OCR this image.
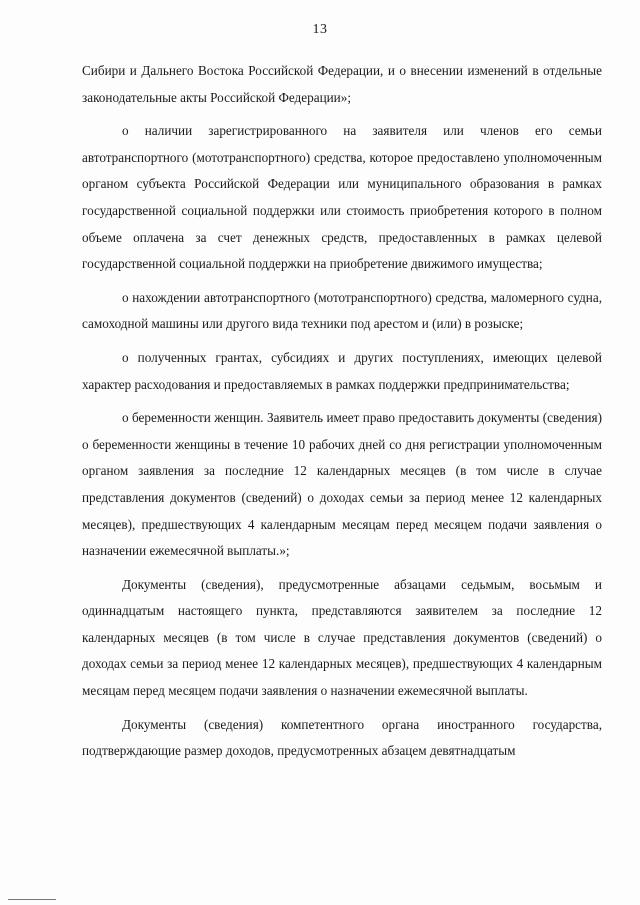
13

Сибири и Дальнего Востока Российской Федерации, и о внесении изменений в отдельные законодательные акты Российской Федерации»;

о наличии зарегистрированного на заявителя или членов его семьи автотранспортного (мототранспортного) средства, которое предоставлено уполномоченным органом субъекта Российской Федерации или муниципального образования в рамках государственной социальной поддержки или стоимость приобретения которого в полном объеме оплачена за счет денежных средств, предоставленных в рамках целевой государственной социальной поддержки на приобретение движимого имущества;

о нахождении автотранспортного (мототранспортного) средства, маломерного судна, самоходной машины или другого вида техники под арестом и (или) в розыске;

о полученных грантах, субсидиях и других поступлениях, имеющих целевой характер расходования и предоставляемых в рамках поддержки предпринимательства;

о беременности женщин. Заявитель имеет право предоставить документы (сведения) о беременности женщины в течение 10 рабочих дней со дня регистрации уполномоченным органом заявления за последние 12 календарных месяцев (в том числе в случае представления документов (сведений) о доходах семьи за период менее 12 календарных месяцев), предшествующих 4 календарным месяцам перед месяцем подачи заявления о назначении ежемесячной выплаты.»;

Документы (сведения), предусмотренные абзацами седьмым, восьмым и одиннадцатым настоящего пункта, представляются заявителем за последние 12 календарных месяцев (в том числе в случае представления документов (сведений) о доходах семьи за период менее 12 календарных месяцев), предшествующих 4 календарным месяцам перед месяцем подачи заявления о назначении ежемесячной выплаты.

Документы (сведения) компетентного органа иностранного государства, подтверждающие размер доходов, предусмотренных абзацем девятнадцатым
